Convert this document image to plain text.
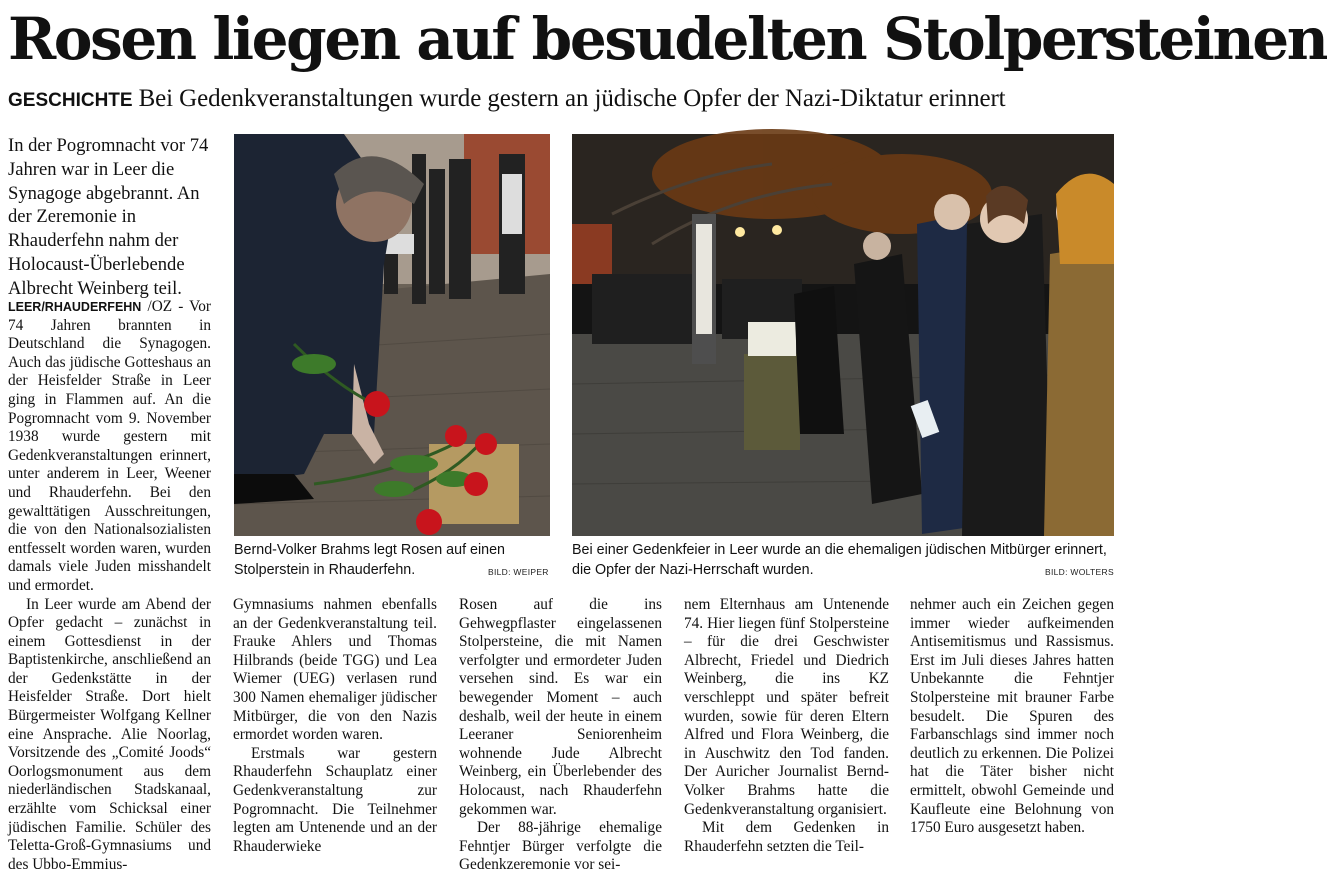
Rosen liegen auf besudelten Stolpersteinen
GESCHICHTE Bei Gedenkveranstaltungen wurde gestern an jüdische Opfer der Nazi-Diktatur erinnert
In der Pogromnacht vor 74 Jahren war in Leer die Synagoge abgebrannt. An der Zeremonie in Rhauderfehn nahm der Holocaust-Überlebende Albrecht Weinberg teil.

LEER/RHAUDERFEHN /OZ - Vor 74 Jahren brannten in Deutschland die Synagogen. Auch das jüdische Gotteshaus an der Heisfelder Straße in Leer ging in Flammen auf. An die Pogromnacht vom 9. November 1938 wurde gestern mit Gedenkveranstaltungen erinnert, unter anderem in Leer, Weener und Rhauderfehn. Bei den gewalttätigen Ausschreitungen, die von den Nationalsozialisten entfesselt worden waren, wurden damals viele Juden misshandelt und ermordet.

In Leer wurde am Abend der Opfer gedacht – zunächst in einem Gottesdienst in der Baptistenkirche, anschließend an der Gedenkstätte in der Heisfelder Straße. Dort hielt Bürgermeister Wolfgang Kellner eine Ansprache. Alie Noorlag, Vorsitzende des „Comité Joods“ Oorlogsmonument aus dem niederländischen Stadskanaal, erzählte vom Schicksal einer jüdischen Familie. Schüler des Teletta-Groß-Gymnasiums und des Ubbo-Emmius-

Bernd-Volker Brahms legt Rosen auf einen Stolperstein in Rhauderfehn.	BILD: WEIPER
Bei einer Gedenkfeier in Leer wurde an die ehemaligen jüdischen Mitbürger erinnert, die Opfer der Nazi-Herrschaft wurden.	BILD: WOLTERS

Gymnasiums nahmen ebenfalls an der Gedenkveranstaltung teil. Frauke Ahlers und Thomas Hilbrands (beide TGG) und Lea Wiemer (UEG) verlasen rund 300 Namen ehemaliger jüdischer Mitbürger, die von den Nazis ermordet worden waren.

Erstmals war gestern Rhauderfehn Schauplatz einer Gedenkveranstaltung zur Pogromnacht. Die Teilnehmer legten am Untenende und an der Rhauderwieke

Rosen auf die ins Gehwegpflaster eingelassenen Stolpersteine, die mit Namen verfolgter und ermordeter Juden versehen sind. Es war ein bewegender Moment – auch deshalb, weil der heute in einem Leeraner Seniorenheim wohnende Jude Albrecht Weinberg, ein Überlebender des Holocaust, nach Rhauderfehn gekommen war.

Der 88-jährige ehemalige Fehntjer Bürger verfolgte die Gedenkzeremonie vor sei-

nem Elternhaus am Untenende 74. Hier liegen fünf Stolpersteine – für die drei Geschwister Albrecht, Friedel und Diedrich Weinberg, die ins KZ verschleppt und später befreit wurden, sowie für deren Eltern Alfred und Flora Weinberg, die in Auschwitz den Tod fanden. Der Auricher Journalist Bernd-Volker Brahms hatte die Gedenkveranstaltung organisiert.

Mit dem Gedenken in Rhauderfehn setzten die Teil-

nehmer auch ein Zeichen gegen immer wieder aufkeimenden Antisemitismus und Rassismus. Erst im Juli dieses Jahres hatten Unbekannte die Fehntjer Stolpersteine mit brauner Farbe besudelt. Die Spuren des Farbanschlags sind immer noch deutlich zu erkennen. Die Polizei hat die Täter bisher nicht ermittelt, obwohl Gemeinde und Kaufleute eine Belohnung von 1750 Euro ausgesetzt haben.
